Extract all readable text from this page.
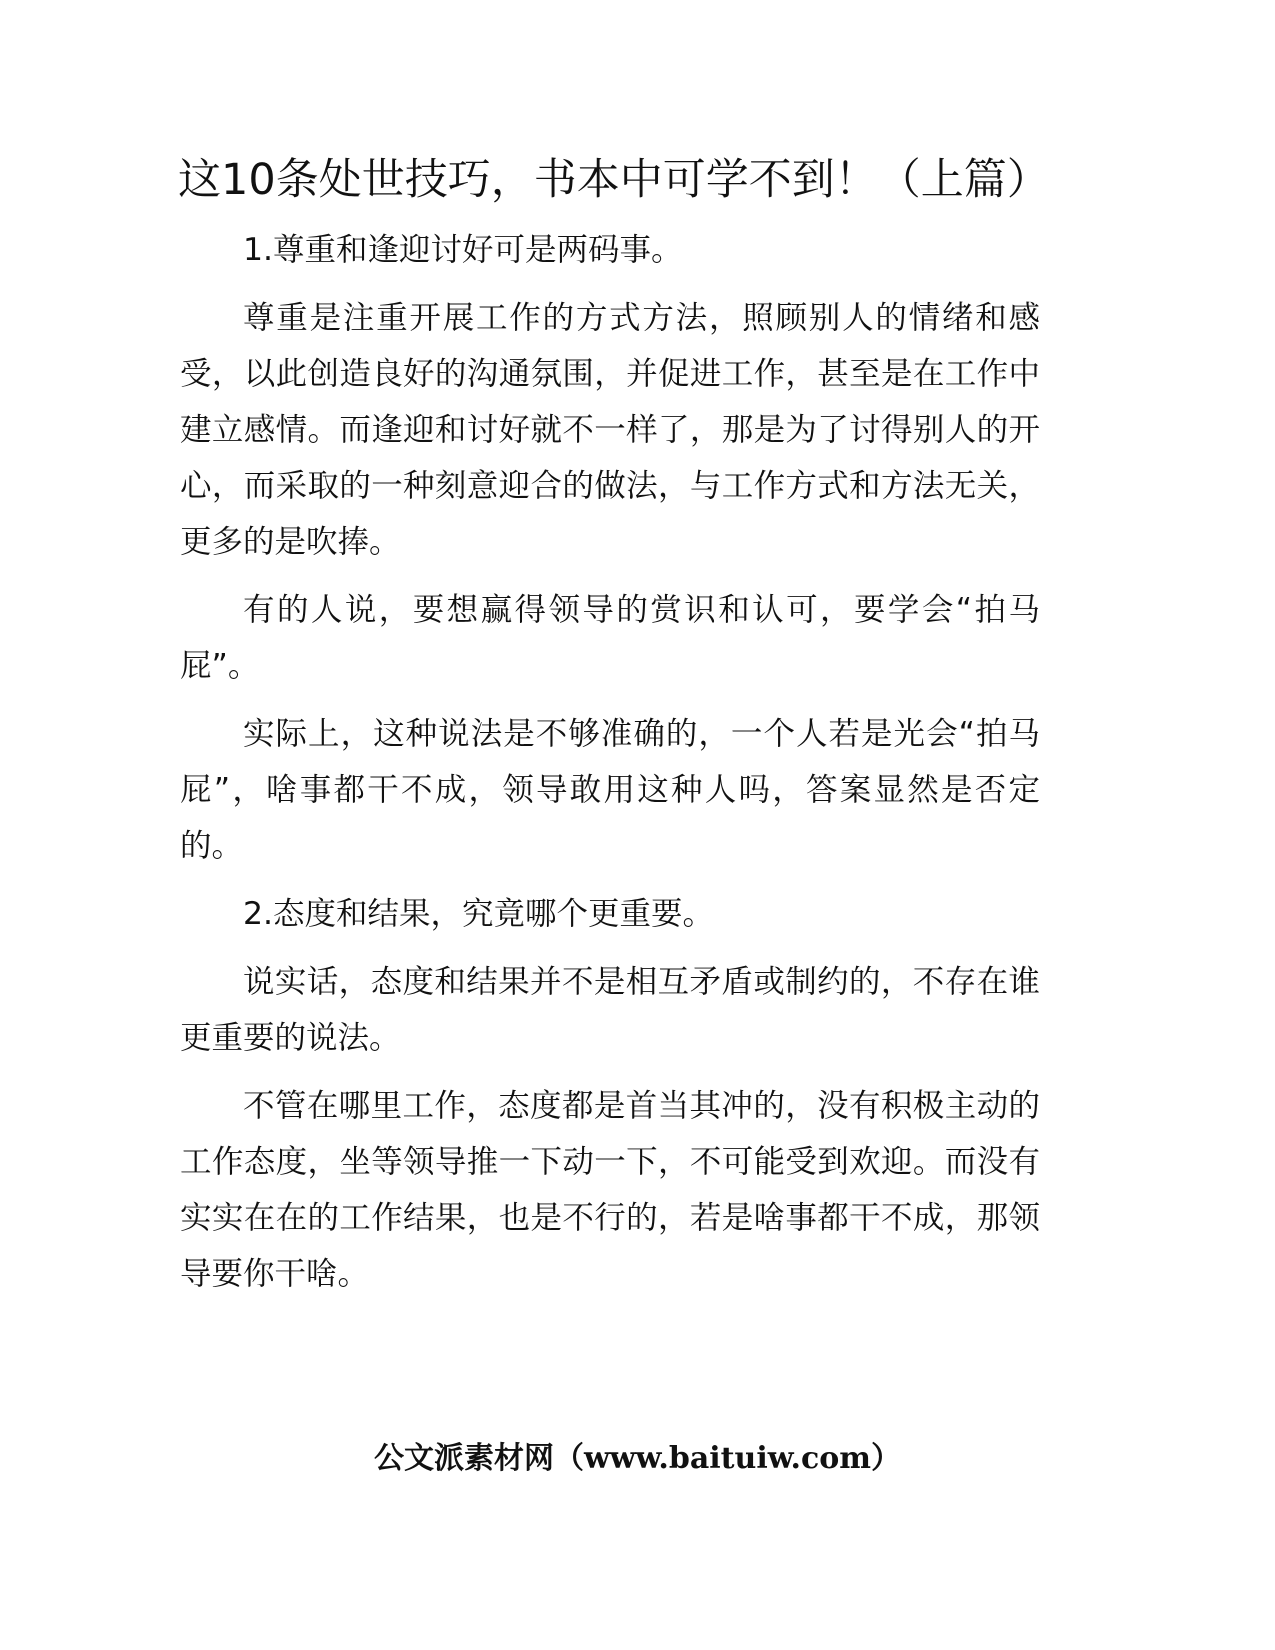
这10条处世技巧，书本中可学不到！（上篇）

1.尊重和逢迎讨好可是两码事。

尊重是注重开展工作的方式方法，照顾别人的情绪和感受，以此创造良好的沟通氛围，并促进工作，甚至是在工作中建立感情。而逢迎和讨好就不一样了，那是为了讨得别人的开心，而采取的一种刻意迎合的做法，与工作方式和方法无关，更多的是吹捧。

有的人说，要想赢得领导的赏识和认可，要学会“拍马屁”。

实际上，这种说法是不够准确的，一个人若是光会“拍马屁”，啥事都干不成，领导敢用这种人吗，答案显然是否定的。

2.态度和结果，究竟哪个更重要。

说实话，态度和结果并不是相互矛盾或制约的，不存在谁更重要的说法。

不管在哪里工作，态度都是首当其冲的，没有积极主动的工作态度，坐等领导推一下动一下，不可能受到欢迎。而没有实实在在的工作结果，也是不行的，若是啥事都干不成，那领导要你干啥。

公文派素材网（www.baituiw.com）
